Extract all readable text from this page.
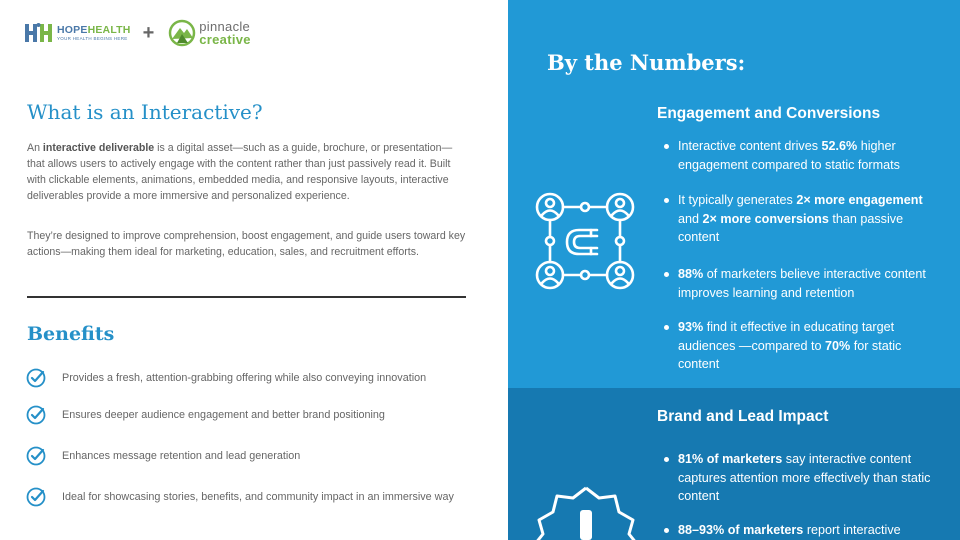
HOPEHEALTH
YOUR HEALTH BEGINS HERE +	pinnacle
creative
What is an Interactive?

An interactive deliverable is a digital asset—such as a guide, brochure, or presentation—that allows users to actively engage with the content rather than just passively read it. Built with clickable elements, animations, embedded media, and responsive layouts, interactive deliverables provide a more immersive and personalized experience.

They’re designed to improve comprehension, boost engagement, and guide users toward key actions—making them ideal for marketing, education, sales, and recruitment efforts.

Benefits
Provides a fresh, attention-grabbing offering while also conveying innovation
Ensures deeper audience engagement and better brand positioning
Enhances message retention and lead generation
Ideal for showcasing stories, benefits, and community impact in an immersive way
By the Numbers:
Engagement and Conversions
Interactive content drives 52.6% higher engagement compared to static formats
It typically generates 2× more engagement and 2× more conversions than passive content
88% of marketers believe interactive content improves learning and retention
93% find it effective in educating target audiences —compared to 70% for static content
Brand and Lead Impact
81% of marketers say interactive content captures attention more effectively than static content
88–93% of marketers report interactive
